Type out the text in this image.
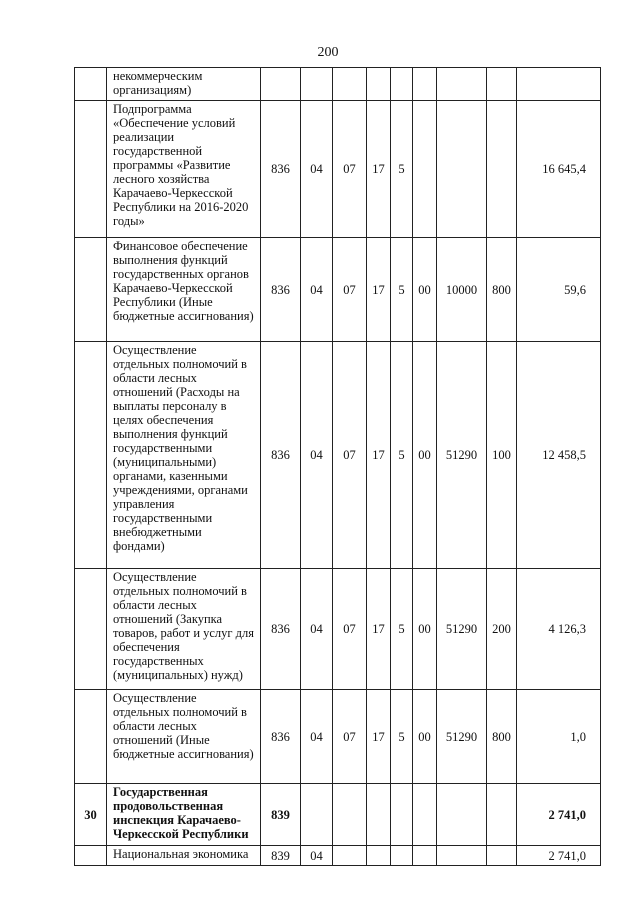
200
	некоммерческим организациям)									
	Подпрограмма «Обеспечение условий реализации государственной программы «Развитие лесного хозяйства Карачаево-Черкесской Республики на 2016-2020 годы»	836	04	07	17	5				16 645,4
	Финансовое обеспечение выполнения функций государственных органов Карачаево-Черкесской Республики (Иные бюджетные ассигнования)	836	04	07	17	5	00	10000	800	59,6
	Осуществление отдельных полномочий в области лесных отношений (Расходы на выплаты персоналу в целях обеспечения выполнения функций государственными (муниципальными) органами, казенными учреждениями, органами управления государственными внебюджетными фондами)	836	04	07	17	5	00	51290	100	12 458,5
	Осуществление отдельных полномочий в области лесных отношений (Закупка товаров, работ и услуг для обеспечения государственных (муниципальных) нужд)	836	04	07	17	5	00	51290	200	4 126,3
	Осуществление отдельных полномочий в области лесных отношений (Иные бюджетные ассигнования)	836	04	07	17	5	00	51290	800	1,0
30	Государственная продовольственная инспекция Карачаево-Черкесской Республики	839								2 741,0
	Национальная экономика	839	04							2 741,0
